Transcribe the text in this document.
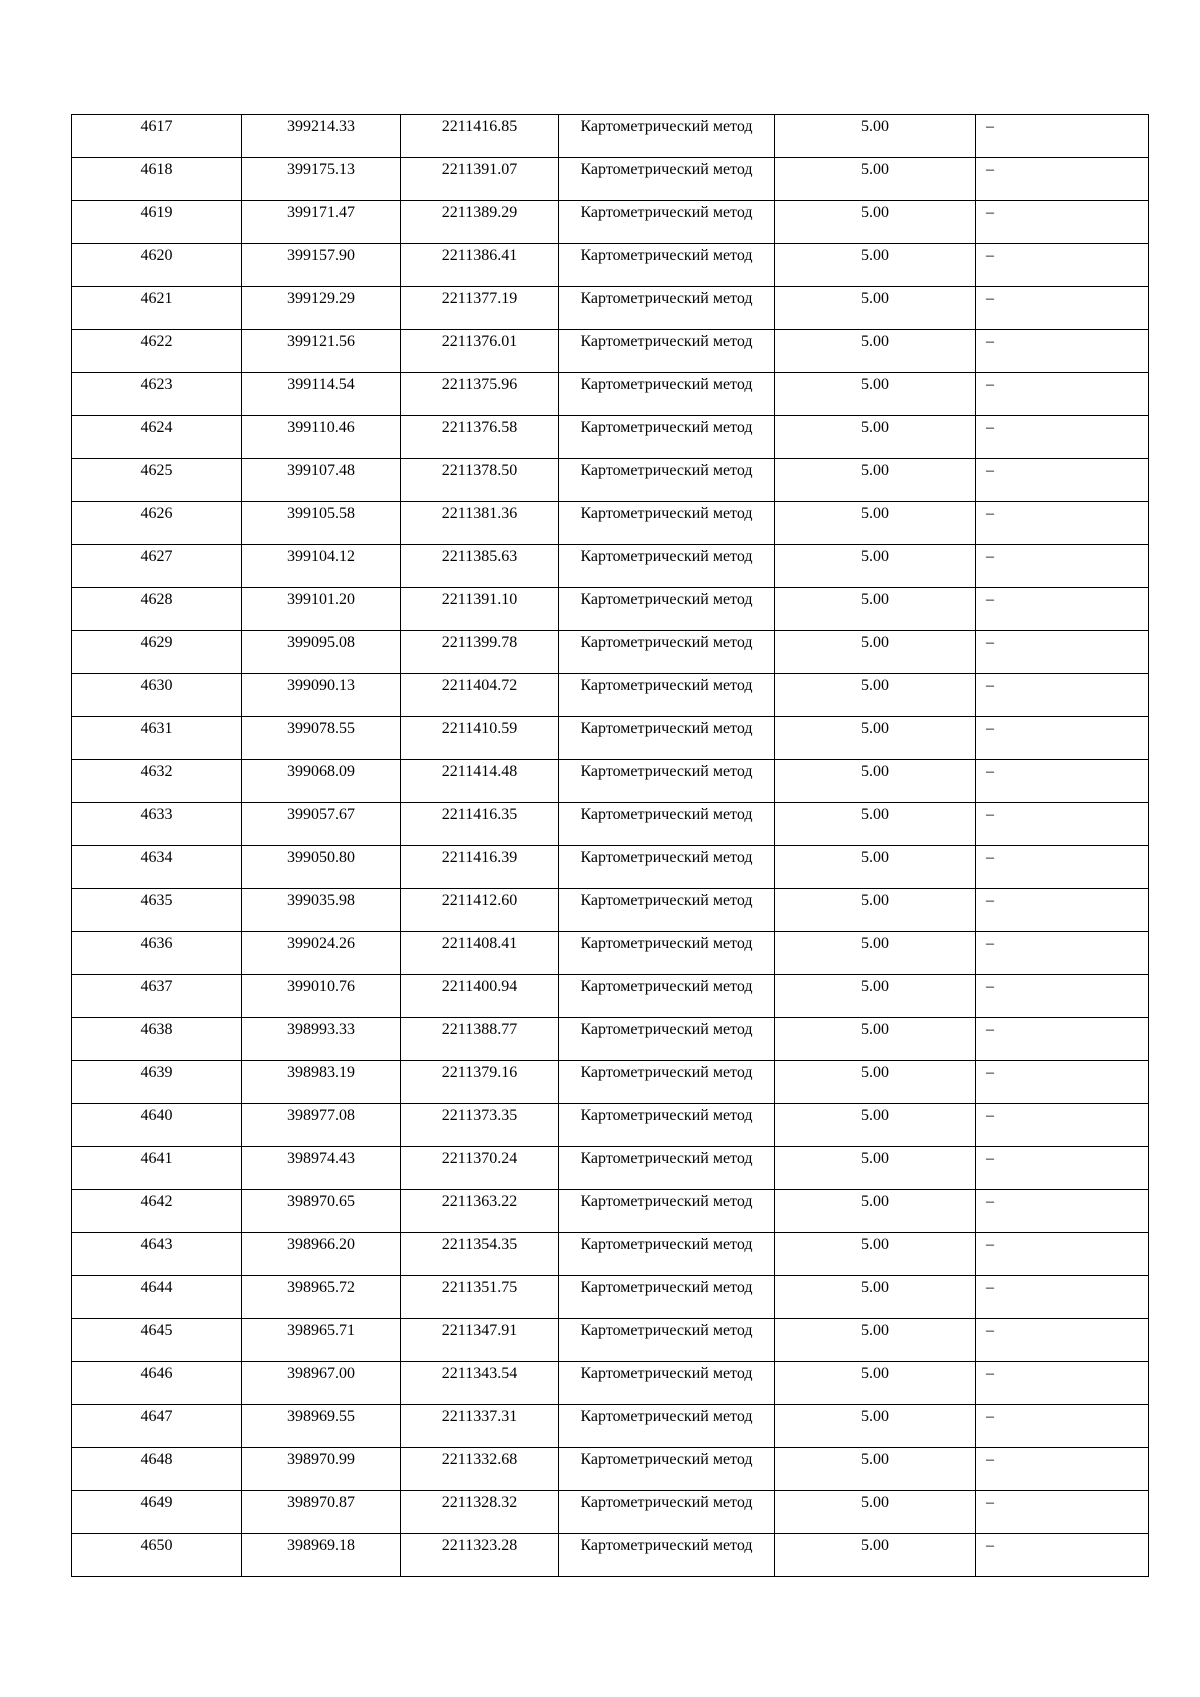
4617	399214.33	2211416.85	Картометрический метод	5.00	–

4618	399175.13	2211391.07	Картометрический метод	5.00	–

4619	399171.47	2211389.29	Картометрический метод	5.00	–

4620	399157.90	2211386.41	Картометрический метод	5.00	–

4621	399129.29	2211377.19	Картометрический метод	5.00	–

4622	399121.56	2211376.01	Картометрический метод	5.00	–

4623	399114.54	2211375.96	Картометрический метод	5.00	–

4624	399110.46	2211376.58	Картометрический метод	5.00	–

4625	399107.48	2211378.50	Картометрический метод	5.00	–

4626	399105.58	2211381.36	Картометрический метод	5.00	–

4627	399104.12	2211385.63	Картометрический метод	5.00	–

4628	399101.20	2211391.10	Картометрический метод	5.00	–

4629	399095.08	2211399.78	Картометрический метод	5.00	–

4630	399090.13	2211404.72	Картометрический метод	5.00	–

4631	399078.55	2211410.59	Картометрический метод	5.00	–

4632	399068.09	2211414.48	Картометрический метод	5.00	–

4633	399057.67	2211416.35	Картометрический метод	5.00	–

4634	399050.80	2211416.39	Картометрический метод	5.00	–

4635	399035.98	2211412.60	Картометрический метод	5.00	–

4636	399024.26	2211408.41	Картометрический метод	5.00	–

4637	399010.76	2211400.94	Картометрический метод	5.00	–

4638	398993.33	2211388.77	Картометрический метод	5.00	–

4639	398983.19	2211379.16	Картометрический метод	5.00	–

4640	398977.08	2211373.35	Картометрический метод	5.00	–

4641	398974.43	2211370.24	Картометрический метод	5.00	–

4642	398970.65	2211363.22	Картометрический метод	5.00	–

4643	398966.20	2211354.35	Картометрический метод	5.00	–

4644	398965.72	2211351.75	Картометрический метод	5.00	–

4645	398965.71	2211347.91	Картометрический метод	5.00	–

4646	398967.00	2211343.54	Картометрический метод	5.00	–

4647	398969.55	2211337.31	Картометрический метод	5.00	–

4648	398970.99	2211332.68	Картометрический метод	5.00	–

4649	398970.87	2211328.32	Картометрический метод	5.00	–

4650	398969.18	2211323.28	Картометрический метод	5.00	–
